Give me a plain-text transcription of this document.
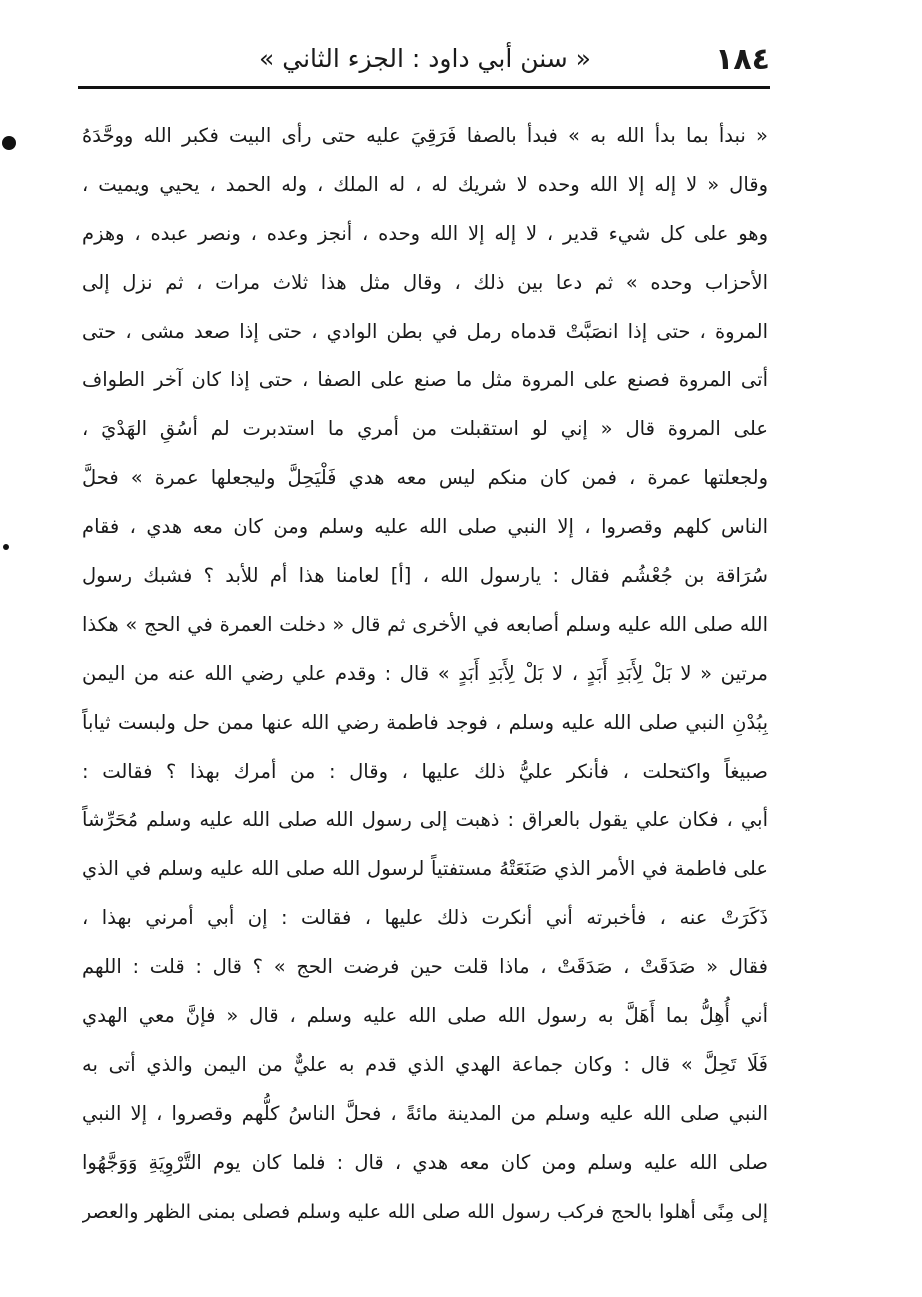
١٨٤
« سنن أبي داود : الجزء الثاني »
« نبدأ بما بدأ الله به » فبدأ بالصفا فَرَقِيَ عليه حتى رأى البيت فكبر الله ووحَّدَهُ
وقال « لا إله إلا الله وحده لا شريك له ، له الملك ، وله الحمد ، يحيي ويميت ،
وهو على كل شيء قدير ، لا إله إلا الله وحده ، أنجز وعده ، ونصر عبده ، وهزم
الأحزاب وحده » ثم دعا بين ذلك ، وقال مثل هذا ثلاث مرات ، ثم نزل إلى
المروة ، حتى إذا انصَبَّتْ قدماه رمل في بطن الوادي ، حتى إذا صعد مشى ، حتى
أتى المروة فصنع على المروة مثل ما صنع على الصفا ، حتى إذا كان آخر الطواف
على المروة قال « إني لو استقبلت من أمري ما استدبرت لم أسُقِ الهَدْيَ ،
ولجعلتها عمرة ، فمن كان منكم ليس معه هدي فَلْيَحِلَّ وليجعلها عمرة » فحلَّ
الناس كلهم وقصروا ، إلا النبي صلى الله عليه وسلم ومن كان معه هدي ، فقام
سُرَاقة بن جُعْشُم فقال : يارسول الله ، [أ] لعامنا هذا أم للأبد ؟ فشبك رسول
الله صلى الله عليه وسلم أصابعه في الأخرى ثم قال « دخلت العمرة في الحج » هكذا
مرتين « لا بَلْ لِأَبَدِ أَبَدٍ ، لا بَلْ لِأَبَدِ أَبَدٍ » قال : وقدم علي رضي الله عنه من اليمن
بِبُدْنِ النبي صلى الله عليه وسلم ، فوجد فاطمة رضي الله عنها ممن حل ولبست ثياباً
صبيغاً واكتحلت ، فأنكر عليُّ ذلك عليها ، وقال : من أمرك بهذا ؟ فقالت :
أبي ، فكان علي يقول بالعراق : ذهبت إلى رسول الله صلى الله عليه وسلم مُحَرِّشاً
على فاطمة في الأمر الذي صَنَعَتْهُ مستفتياً لرسول الله صلى الله عليه وسلم في الذي
ذَكَرَتْ عنه ، فأخبرته أني أنكرت ذلك عليها ، فقالت : إن أبي أمرني بهذا ،
فقال « صَدَقَتْ ، صَدَقَتْ ، ماذا قلت حين فرضت الحج » ؟ قال : قلت : اللهم
أني أُهِلُّ بما أَهَلَّ به رسول الله صلى الله عليه وسلم ، قال « فإنَّ معي الهدي
فَلَا تَحِلَّ » قال : وكان جماعة الهدي الذي قدم به عليٌّ من اليمن والذي أتى به
النبي صلى الله عليه وسلم من المدينة مائةً ، فحلَّ الناسُ كلُّهم وقصروا ، إلا النبي
صلى الله عليه وسلم ومن كان معه هدي ، قال : فلما كان يوم التَّرْوِيَةِ وَوَجَّهُوا
إلى مِنًى أهلوا بالحج فركب رسول الله صلى الله عليه وسلم فصلى بمنى الظهر والعصر
